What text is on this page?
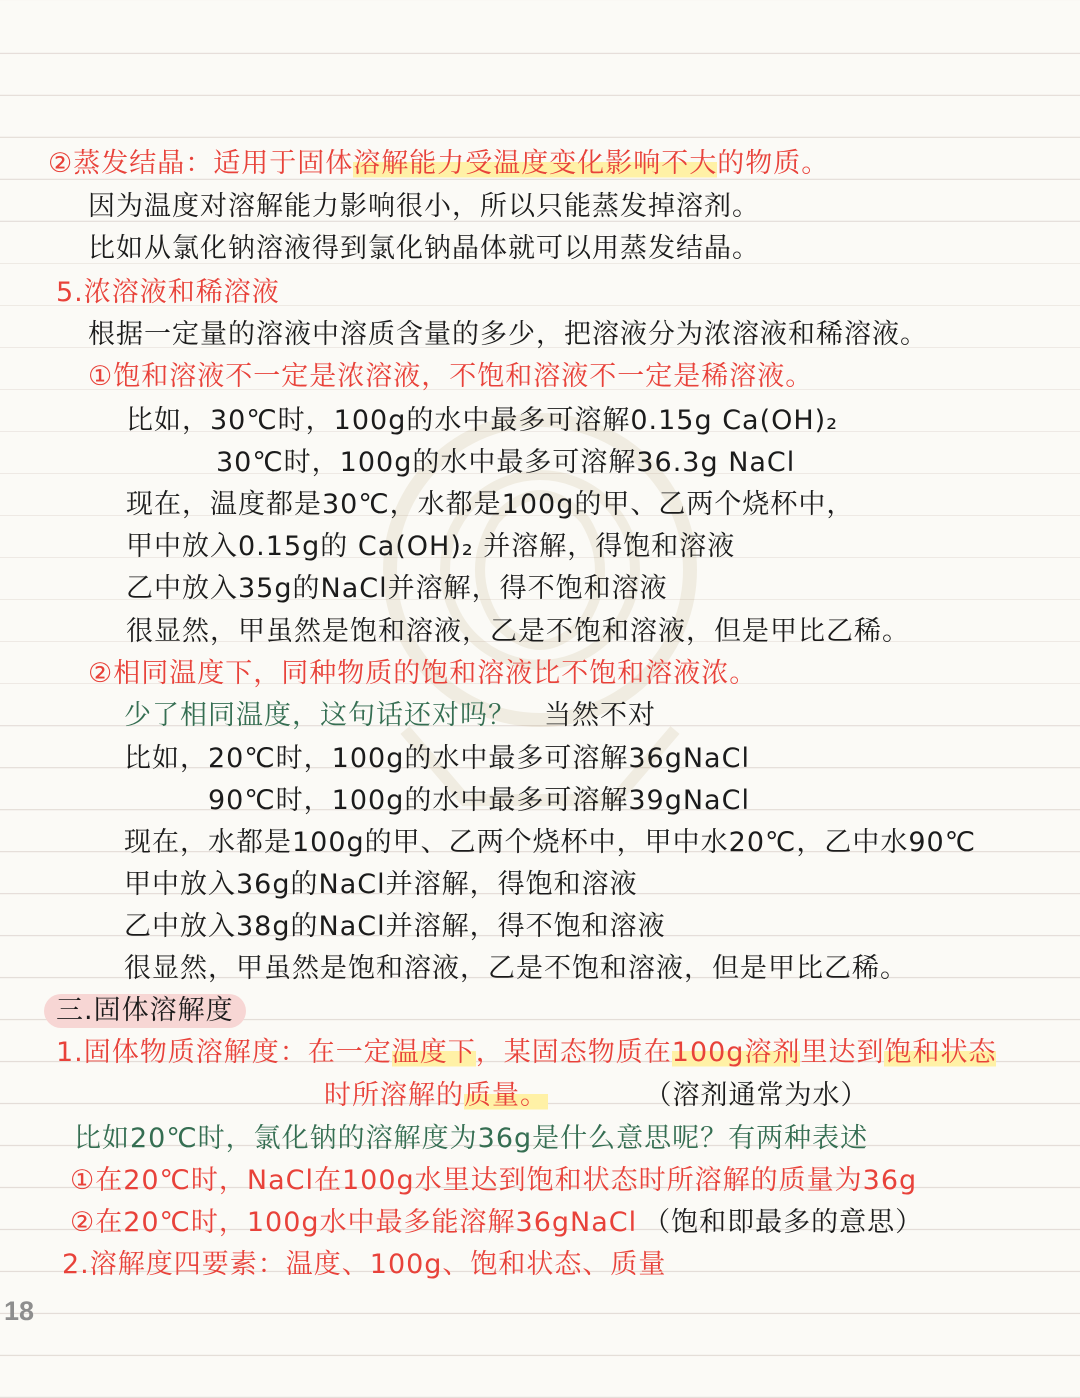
②蒸发结晶：适用于固体溶解能力受温度变化影响不大的物质。
因为温度对溶解能力影响很小，所以只能蒸发掉溶剂。
比如从氯化钠溶液得到氯化钠晶体就可以用蒸发结晶。
5.浓溶液和稀溶液
根据一定量的溶液中溶质含量的多少，把溶液分为浓溶液和稀溶液。
①饱和溶液不一定是浓溶液，不饱和溶液不一定是稀溶液。
比如，30℃时，100g的水中最多可溶解0.15g Ca(OH)₂
30℃时，100g的水中最多可溶解36.3g NaCl
现在，温度都是30℃，水都是100g的甲、乙两个烧杯中，
甲中放入0.15g的 Ca(OH)₂ 并溶解，得饱和溶液
乙中放入35g的NaCl并溶解，得不饱和溶液
很显然，甲虽然是饱和溶液，乙是不饱和溶液，但是甲比乙稀。
②相同温度下，同种物质的饱和溶液比不饱和溶液浓。
少了相同温度，这句话还对吗？ 当然不对
比如，20℃时，100g的水中最多可溶解36gNaCl
90℃时，100g的水中最多可溶解39gNaCl
现在，水都是100g的甲、乙两个烧杯中，甲中水20℃，乙中水90℃
甲中放入36g的NaCl并溶解，得饱和溶液
乙中放入38g的NaCl并溶解，得不饱和溶液
很显然，甲虽然是饱和溶液，乙是不饱和溶液，但是甲比乙稀。
三.固体溶解度
1.固体物质溶解度：在一定温度下，某固态物质在100g溶剂里达到饱和状态
时所溶解的质量。	（溶剂通常为水）
比如20℃时，氯化钠的溶解度为36g是什么意思呢？有两种表述
①在20℃时，NaCl在100g水里达到饱和状态时所溶解的质量为36g
②在20℃时，100g水中最多能溶解36gNaCl （饱和即最多的意思）
2.溶解度四要素：温度、100g、饱和状态、质量
18
